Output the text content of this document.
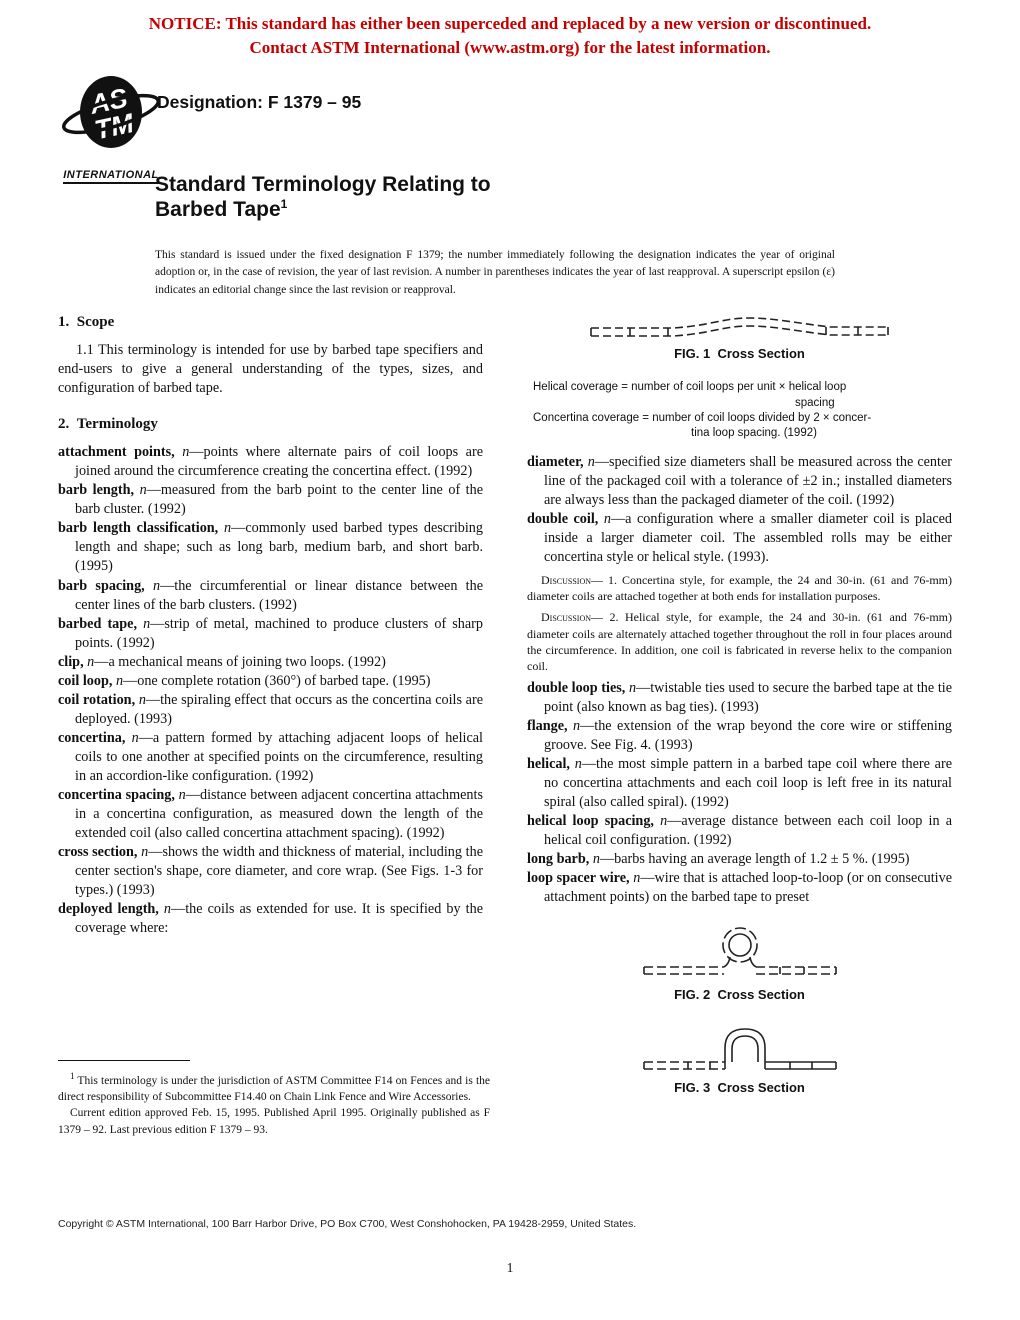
NOTICE: This standard has either been superceded and replaced by a new version or discontinued.
Contact ASTM International (www.astm.org) for the latest information.
AS
TM
INTERNATIONAL
Designation: F 1379 – 95
Standard Terminology Relating to
Barbed Tape$^1$

This standard is issued under the fixed designation F 1379; the number immediately following the designation indicates the year of original adoption or, in the case of revision, the year of last revision. A number in parentheses indicates the year of last reapproval. A superscript epsilon (ε) indicates an editorial change since the last revision or reapproval.

1.  Scope

1.1 This terminology is intended for use by barbed tape specifiers and end-users to give a general understanding of the types, sizes, and configuration of barbed tape.

2.  Terminology

attachment points, n—points where alternate pairs of coil loops are joined around the circumference creating the concertina effect. (1992)

barb length, n—measured from the barb point to the center line of the barb cluster. (1992)

barb length classification, n—commonly used barbed types describing length and shape; such as long barb, medium barb, and short barb. (1995)

barb spacing, n—the circumferential or linear distance between the center lines of the barb clusters. (1992)

barbed tape, n—strip of metal, machined to produce clusters of sharp points. (1992)

clip, n—a mechanical means of joining two loops. (1992)

coil loop, n—one complete rotation (360°) of barbed tape. (1995)

coil rotation, n—the spiraling effect that occurs as the concertina coils are deployed. (1993)

concertina, n—a pattern formed by attaching adjacent loops of helical coils to one another at specified points on the circumference, resulting in an accordion-like configuration. (1992)

concertina spacing, n—distance between adjacent concertina attachments in a concertina configuration, as measured down the length of the extended coil (also called concertina attachment spacing). (1992)

cross section, n—shows the width and thickness of material, including the center section's shape, core diameter, and core wrap. (See Figs. 1-3 for types.) (1993)

deployed length, n—the coils as extended for use. It is specified by the coverage where:

FIG. 1  Cross Section
Helical coverage = number of coil loops per unit × helical loop
spacing
Concertina coverage = number of coil loops divided by 2 × concer-
tina loop spacing. (1992)

diameter, n—specified size diameters shall be measured across the center line of the packaged coil with a tolerance of ±2 in.; installed diameters are always less than the packaged diameter of the coil. (1992)

double coil, n—a configuration where a smaller diameter coil is placed inside a larger diameter coil. The assembled rolls may be either concertina style or helical style. (1993).

Discussion— 1. Concertina style, for example, the 24 and 30-in. (61 and 76-mm) diameter coils are attached together at both ends for installation purposes.

Discussion— 2. Helical style, for example, the 24 and 30-in. (61 and 76-mm) diameter coils are alternately attached together throughout the roll in four places around the circumference. In addition, one coil is fabricated in reverse helix to the companion coil.

double loop ties, n—twistable ties used to secure the barbed tape at the tie point (also known as bag ties). (1993)

flange, n—the extension of the wrap beyond the core wire or stiffening groove. See Fig. 4. (1993)

helical, n—the most simple pattern in a barbed tape coil where there are no concertina attachments and each coil loop is left free in its natural spiral (also called spiral). (1992)

helical loop spacing, n—average distance between each coil loop in a helical coil configuration. (1992)

long barb, n—barbs having an average length of 1.2 ± 5 %. (1995)

loop spacer wire, n—wire that is attached loop-to-loop (or on consecutive attachment points) on the barbed tape to preset

FIG. 2  Cross Section
FIG. 3  Cross Section

$^1$ This terminology is under the jurisdiction of ASTM Committee F14 on Fences and is the direct responsibility of Subcommittee F14.40 on Chain Link Fence and Wire Accessories.

Current edition approved Feb. 15, 1995. Published April 1995. Originally published as F 1379 – 92. Last previous edition F 1379 – 93.

Copyright © ASTM International, 100 Barr Harbor Drive, PO Box C700, West Conshohocken, PA 19428-2959, United States.
1
